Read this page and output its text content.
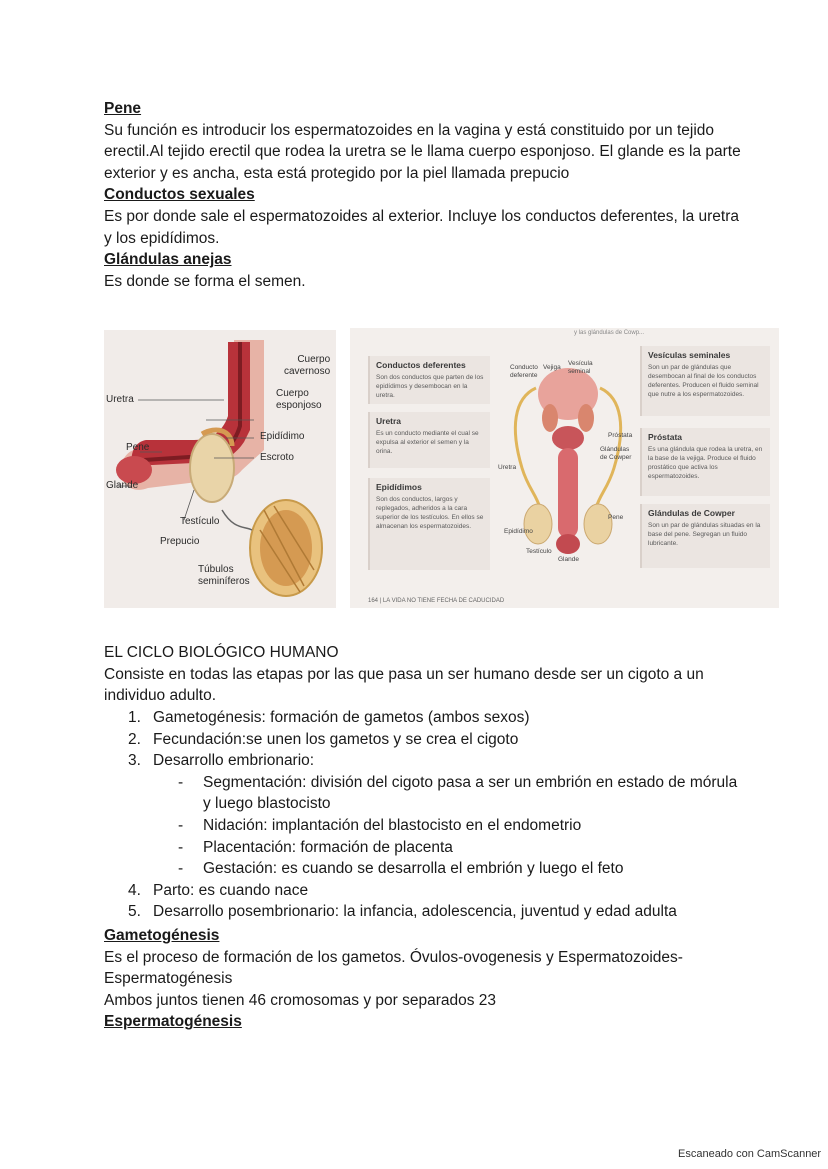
Pene
Su función es introducir los espermatozoides en la vagina y está constituido por un tejido erectil.Al tejido erectil que rodea la uretra se le llama cuerpo esponjoso. El glande es la parte exterior y es ancha, esta está protegido por la piel llamada prepucio
Conductos sexuales
Es por donde sale el espermatozoides al exterior. Incluye los conductos deferentes, la uretra y los epidídimos.
Glándulas anejas
Es donde se forma el semen.
Cuerpo
cavernoso
Uretra
Cuerpo
esponjoso
Epidídimo
Pene
Escroto
Glande
Testículo
Prepucio
Túbulos
seminíferos
y las glándulas de Cowp...
Conductos deferentes
Son dos conductos que parten de los epidídimos y desembocan en la uretra.
Uretra
Es un conducto mediante el cual se expulsa al exterior el semen y la orina.
Epidídimos
Son dos conductos, largos y replegados, adheridos a la cara superior de los testículos. En ellos se almacenan los espermatozoides.
Vesículas seminales
Son un par de glándulas que desembocan al final de los conductos deferentes. Producen el fluido seminal que nutre a los espermatozoides.
Próstata
Es una glándula que rodea la uretra, en la base de la vejiga. Produce el fluido prostático que activa los espermatozoides.
Glándulas de Cowper
Son un par de glándulas situadas en la base del pene. Segregan un fluido lubricante.
Conducto
deferente
Vejiga
Vesícula
seminal
Próstata
Glándulas
de Cowper
Uretra
Pene
Epidídimo
Testículo
Glande
164 | LA VIDA NO TIENE FECHA DE CADUCIDAD
EL CICLO BIOLÓGICO HUMANO
Consiste en todas las etapas por las que pasa un ser humano desde ser un cigoto a un individuo adulto.
1. Gametogénesis: formación de gametos (ambos sexos)
2. Fecundación:se unen los gametos y se crea el cigoto
3. Desarrollo embrionario:
- Segmentación: división del cigoto pasa a ser un embrión en estado de mórula y luego blastocisto
- Nidación: implantación del blastocisto en el endometrio
- Placentación: formación de placenta
- Gestación: es cuando se desarrolla el embrión y luego el feto
4. Parto: es cuando nace
5. Desarrollo posembrionario: la infancia, adolescencia, juventud y edad adulta
Gametogénesis
Es el proceso de formación de los gametos. Óvulos-ovogenesis y Espermatozoides-Espermatogénesis
Ambos juntos tienen 46 cromosomas y por separados 23
Espermatogénesis
Escaneado con CamScanner
